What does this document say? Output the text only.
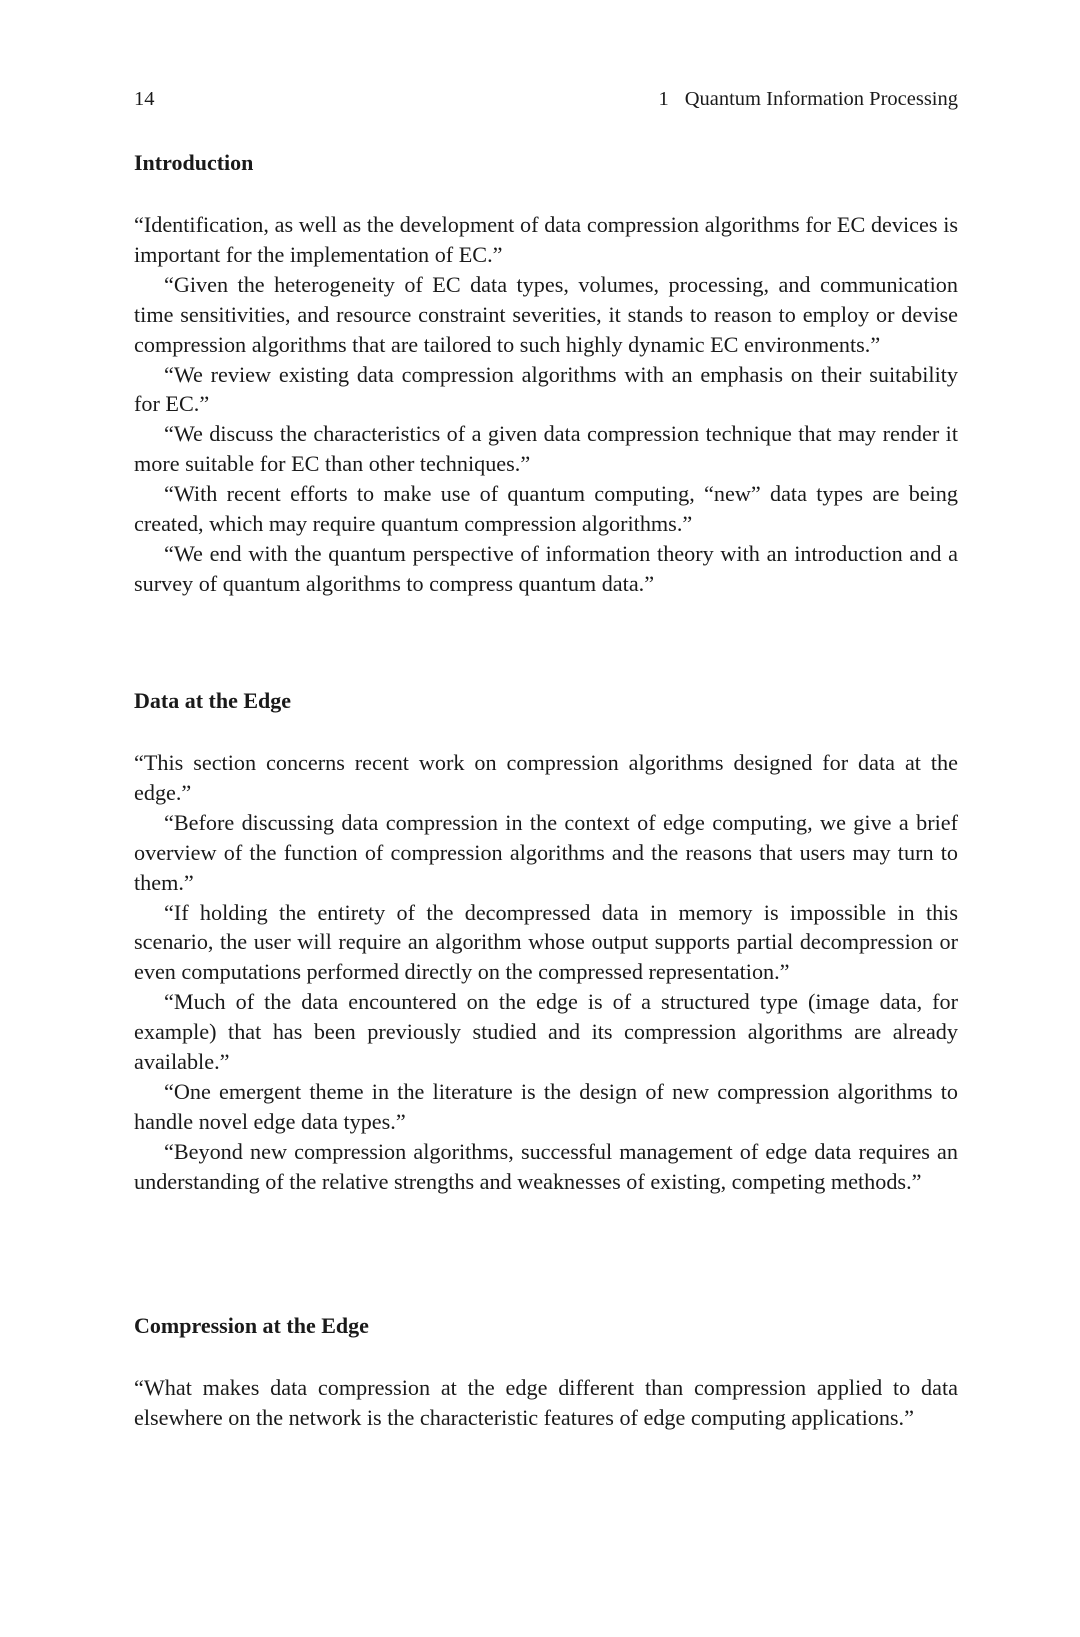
14	1 Quantum Information Processing
Introduction

“Identification, as well as the development of data compression algorithms for EC devices is important for the implementation of EC.”

“Given the heterogeneity of EC data types, volumes, processing, and communication time sensitivities, and resource constraint severities, it stands to reason to employ or devise compression algorithms that are tailored to such highly dynamic EC environments.”

“We review existing data compression algorithms with an emphasis on their suitability for EC.”

“We discuss the characteristics of a given data compression technique that may render it more suitable for EC than other techniques.”

“With recent efforts to make use of quantum computing, “new” data types are being created, which may require quantum compression algorithms.”

“We end with the quantum perspective of information theory with an introduction and a survey of quantum algorithms to compress quantum data.”

Data at the Edge

“This section concerns recent work on compression algorithms designed for data at the edge.”

“Before discussing data compression in the context of edge computing, we give a brief overview of the function of compression algorithms and the reasons that users may turn to them.”

“If holding the entirety of the decompressed data in memory is impossible in this scenario, the user will require an algorithm whose output supports partial decompression or even computations performed directly on the compressed representation.”

“Much of the data encountered on the edge is of a structured type (image data, for example) that has been previously studied and its compression algorithms are already available.”

“One emergent theme in the literature is the design of new compression algorithms to handle novel edge data types.”

“Beyond new compression algorithms, successful management of edge data requires an understanding of the relative strengths and weaknesses of existing, competing methods.”

Compression at the Edge

“What makes data compression at the edge different than compression applied to data elsewhere on the network is the characteristic features of edge computing applications.”
